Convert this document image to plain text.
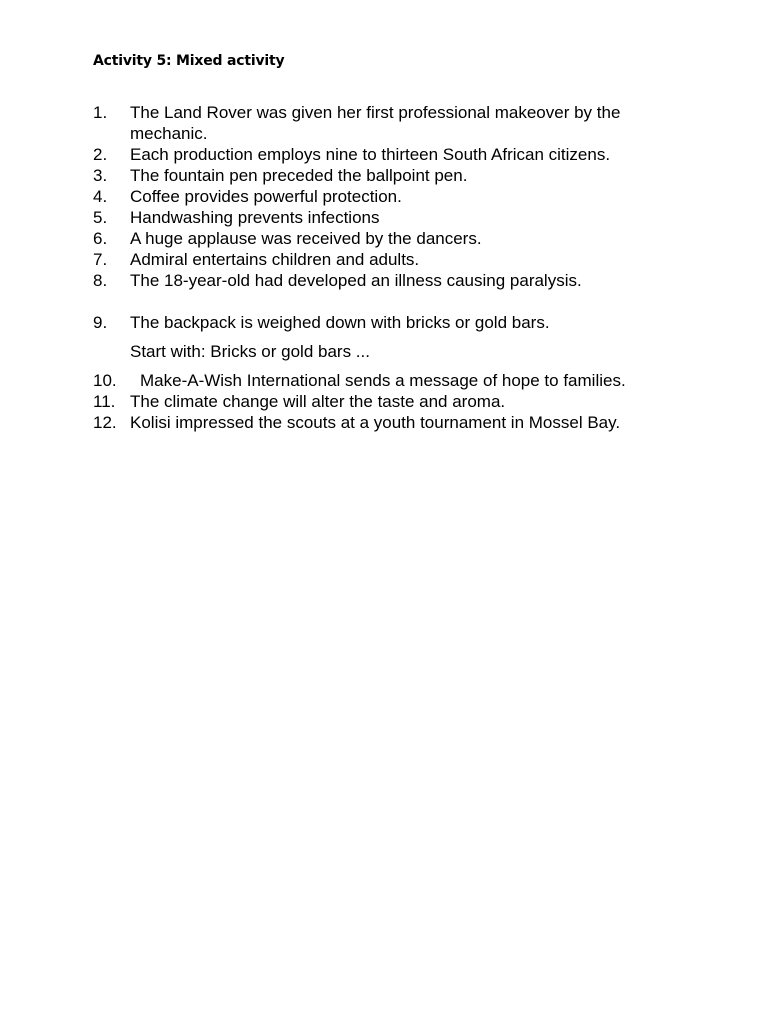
Activity 5: Mixed activity
1. The Land Rover was given her first professional makeover by the mechanic.
2. Each production employs nine to thirteen South African citizens.
3. The fountain pen preceded the ballpoint pen.
4. Coffee provides powerful protection.
5. Handwashing prevents infections
6. A huge applause was received by the dancers.
7. Admiral entertains children and adults.
8. The 18-year-old had developed an illness causing paralysis.
9. The backpack is weighed down with bricks or gold bars.
Start with: Bricks or gold bars ...
10.	Make-A-Wish International sends a message of hope to families.
11. The climate change will alter the taste and aroma.
12. Kolisi impressed the scouts at a youth tournament in Mossel Bay.
